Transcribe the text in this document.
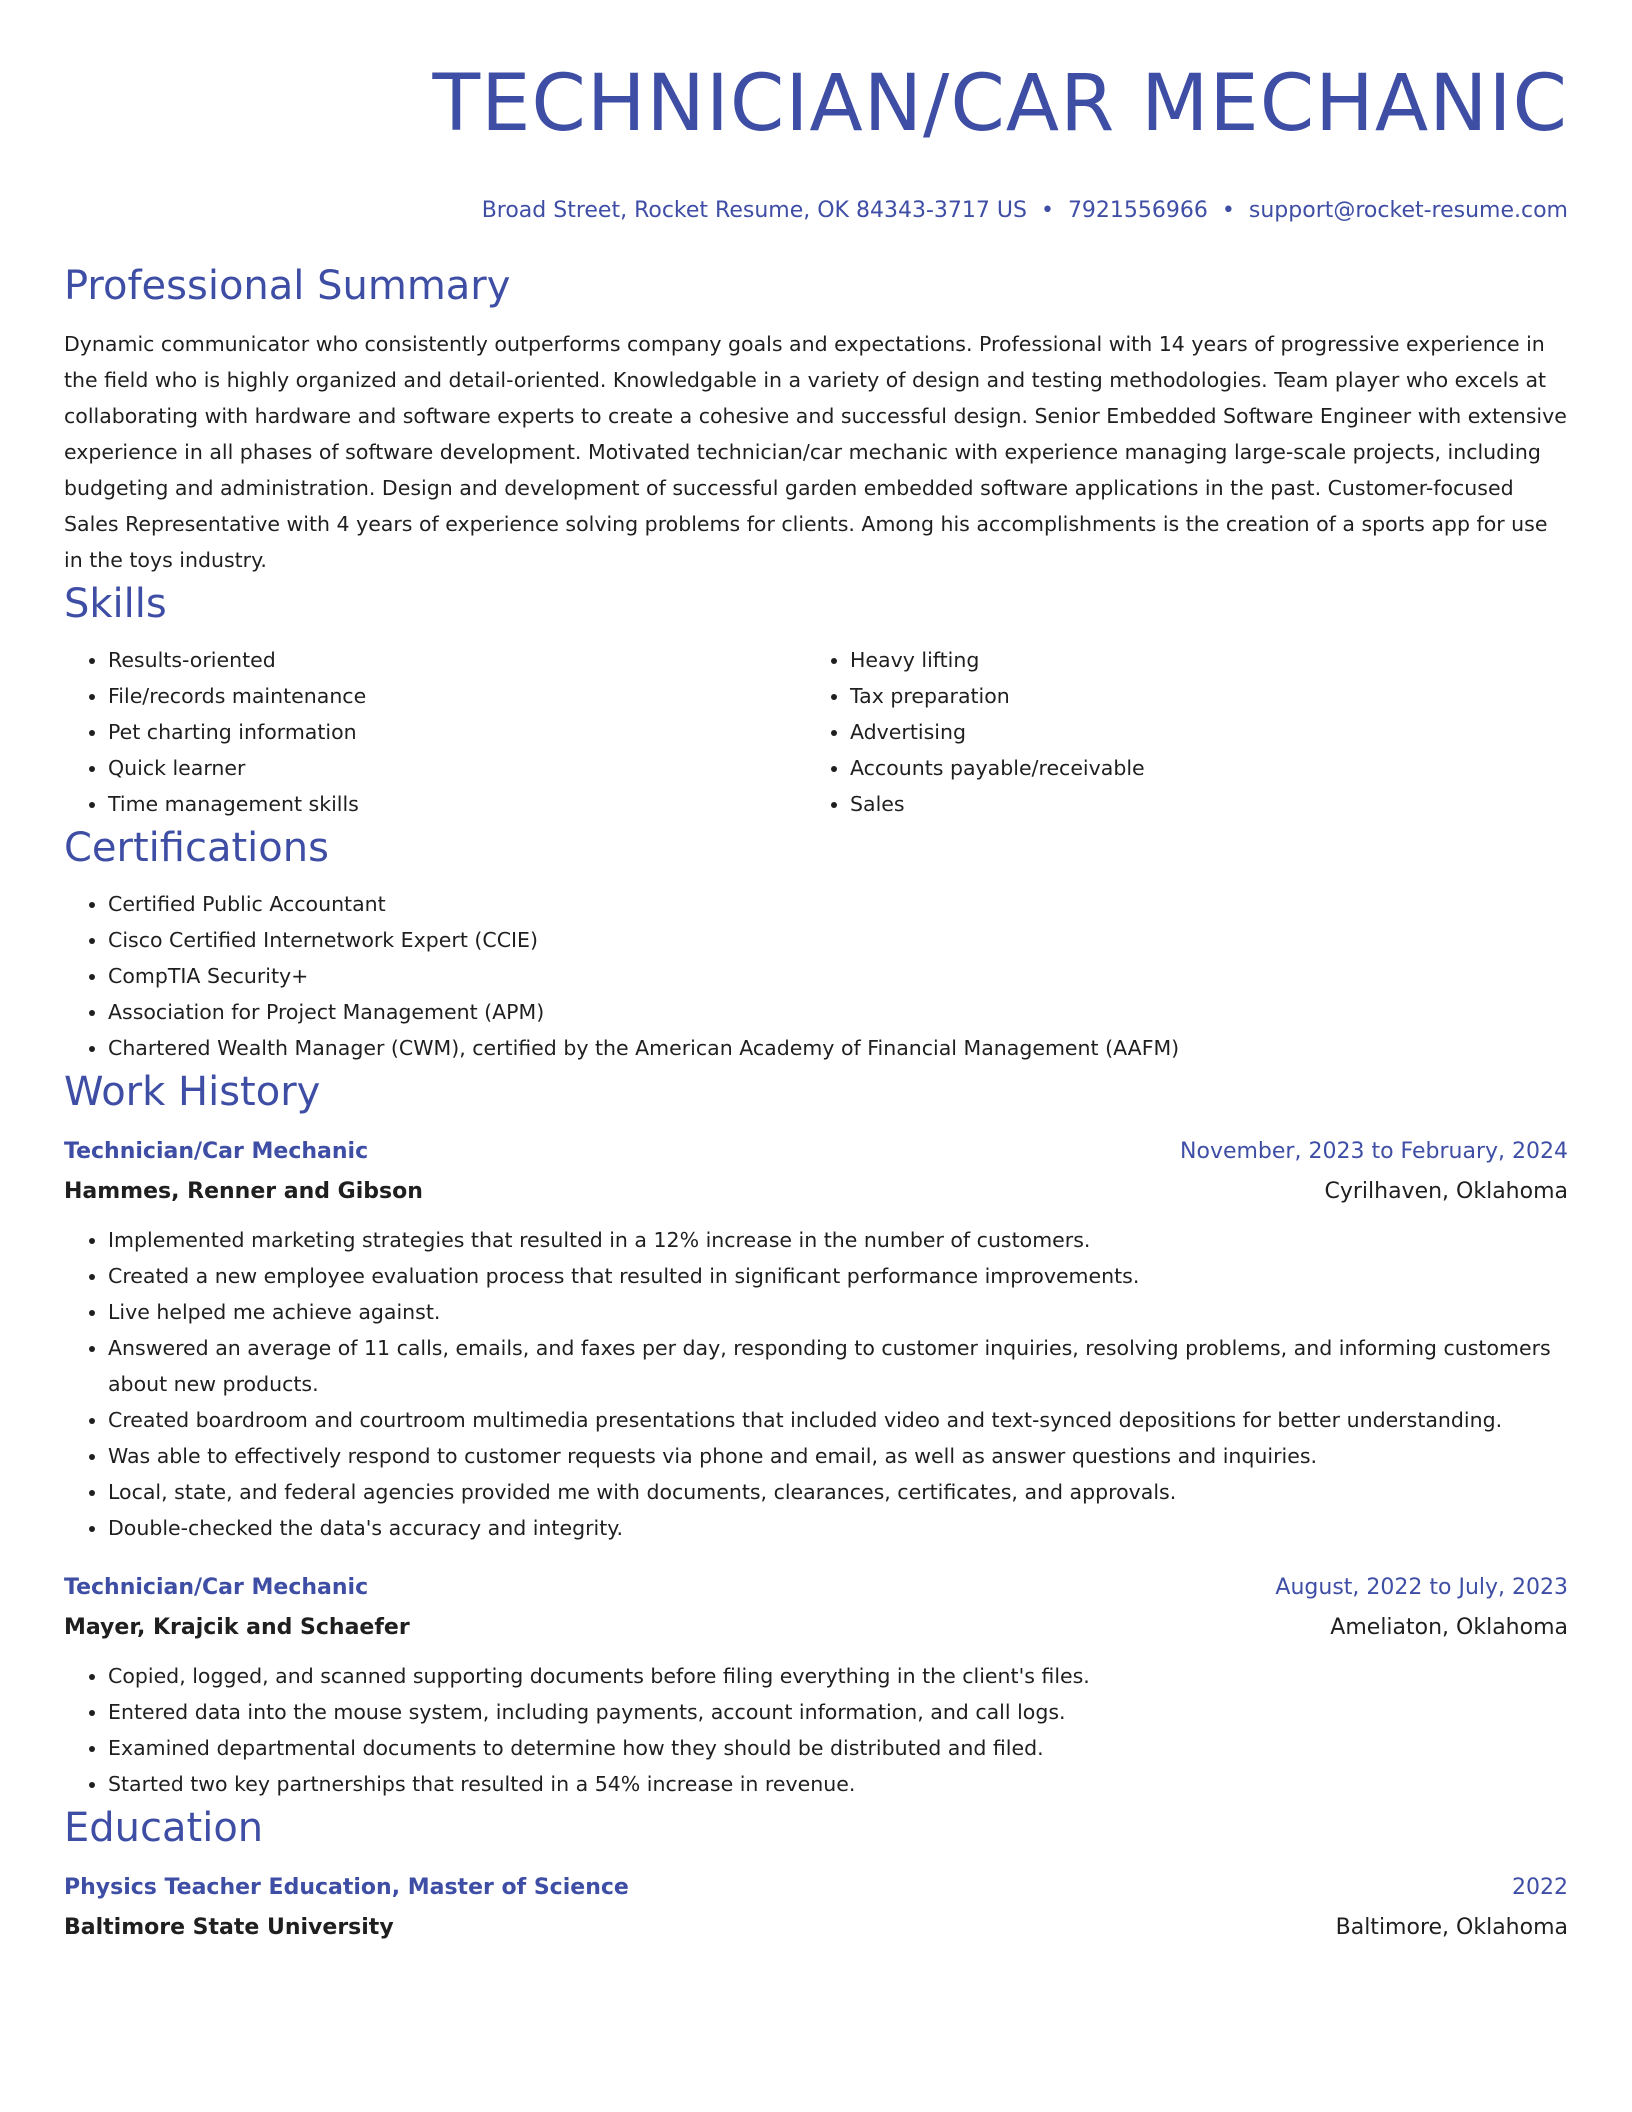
TECHNICIAN/CAR MECHANIC
Broad Street, Rocket Resume, OK 84343-3717 US • 7921556966 • support@rocket-resume.com
Professional Summary

Dynamic communicator who consistently outperforms company goals and expectations. Professional with 14 years of progressive experience in the field who is highly organized and detail-oriented. Knowledgable in a variety of design and testing methodologies. Team player who excels at collaborating with hardware and software experts to create a cohesive and successful design. Senior Embedded Software Engineer with extensive experience in all phases of software development. Motivated technician/car mechanic with experience managing large-scale projects, including budgeting and administration. Design and development of successful garden embedded software applications in the past. Customer-focused Sales Representative with 4 years of experience solving problems for clients. Among his accomplishments is the creation of a sports app for use in the toys industry.

Skills
• Results-oriented
• File/records maintenance
• Pet charting information
• Quick learner
• Time management skills
• Heavy lifting
• Tax preparation
• Advertising
• Accounts payable/receivable
• Sales
Certifications
• Certified Public Accountant
• Cisco Certified Internetwork Expert (CCIE)
• CompTIA Security+
• Association for Project Management (APM)
• Chartered Wealth Manager (CWM), certified by the American Academy of Financial Management (AAFM)
Work History
Technician/Car Mechanic	November, 2023 to February, 2024
Hammes, Renner and Gibson	Cyrilhaven, Oklahoma
• Implemented marketing strategies that resulted in a 12% increase in the number of customers.
• Created a new employee evaluation process that resulted in significant performance improvements.
• Live helped me achieve against.
• Answered an average of 11 calls, emails, and faxes per day, responding to customer inquiries, resolving problems, and informing customers about new products.
• Created boardroom and courtroom multimedia presentations that included video and text-synced depositions for better understanding.
• Was able to effectively respond to customer requests via phone and email, as well as answer questions and inquiries.
• Local, state, and federal agencies provided me with documents, clearances, certificates, and approvals.
• Double-checked the data's accuracy and integrity.
Technician/Car Mechanic	August, 2022 to July, 2023
Mayer, Krajcik and Schaefer	Ameliaton, Oklahoma
• Copied, logged, and scanned supporting documents before filing everything in the client's files.
• Entered data into the mouse system, including payments, account information, and call logs.
• Examined departmental documents to determine how they should be distributed and filed.
• Started two key partnerships that resulted in a 54% increase in revenue.
Education
Physics Teacher Education, Master of Science	2022
Baltimore State University	Baltimore, Oklahoma
